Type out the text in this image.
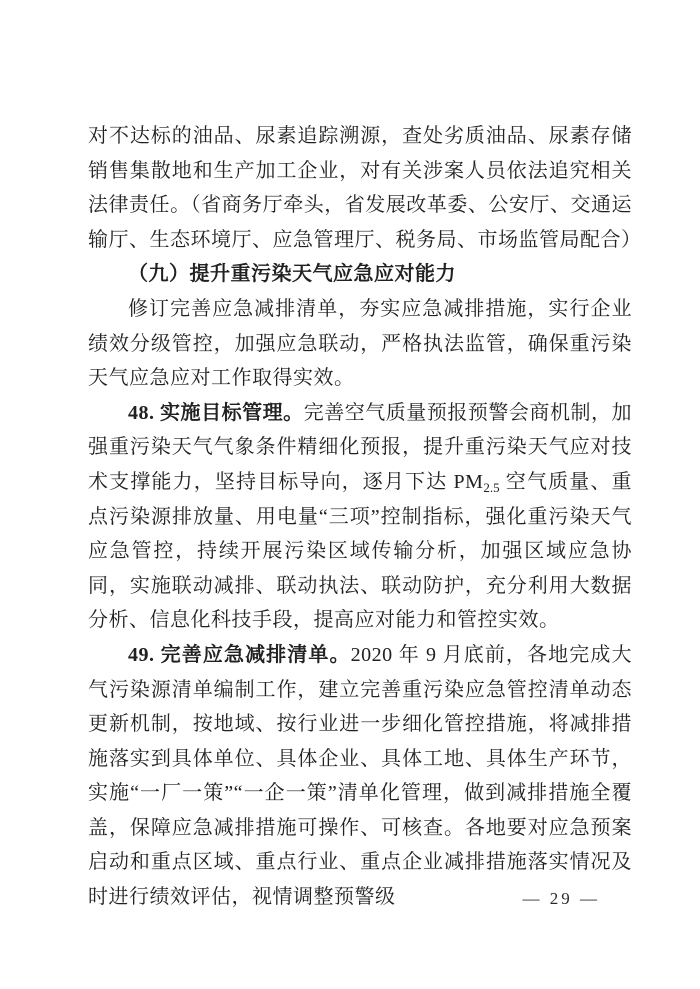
对不达标的油品、尿素追踪溯源，查处劣质油品、尿素存储销售集散地和生产加工企业，对有关涉案人员依法追究相关法律责任。（省商务厅牵头，省发展改革委、公安厅、交通运输厅、生态环境厅、应急管理厅、税务局、市场监管局配合）

（九）提升重污染天气应急应对能力

修订完善应急减排清单，夯实应急减排措施，实行企业绩效分级管控，加强应急联动，严格执法监管，确保重污染天气应急应对工作取得实效。

48. 实施目标管理。完善空气质量预报预警会商机制，加强重污染天气气象条件精细化预报，提升重污染天气应对技术支撑能力，坚持目标导向，逐月下达 $PM_{2.5}$ 空气质量、重点污染源排放量、用电量“三项”控制指标，强化重污染天气应急管控，持续开展污染区域传输分析，加强区域应急协同，实施联动减排、联动执法、联动防护，充分利用大数据分析、信息化科技手段，提高应对能力和管控实效。

49. 完善应急减排清单。2020 年 9 月底前，各地完成大气污染源清单编制工作，建立完善重污染应急管控清单动态更新机制，按地域、按行业进一步细化管控措施，将减排措施落实到具体单位、具体企业、具体工地、具体生产环节，实施“一厂一策”“一企一策”清单化管理，做到减排措施全覆盖，保障应急减排措施可操作、可核查。各地要对应急预案启动和重点区域、重点行业、重点企业减排措施落实情况及时进行绩效评估，视情调整预警级	— 29 —
